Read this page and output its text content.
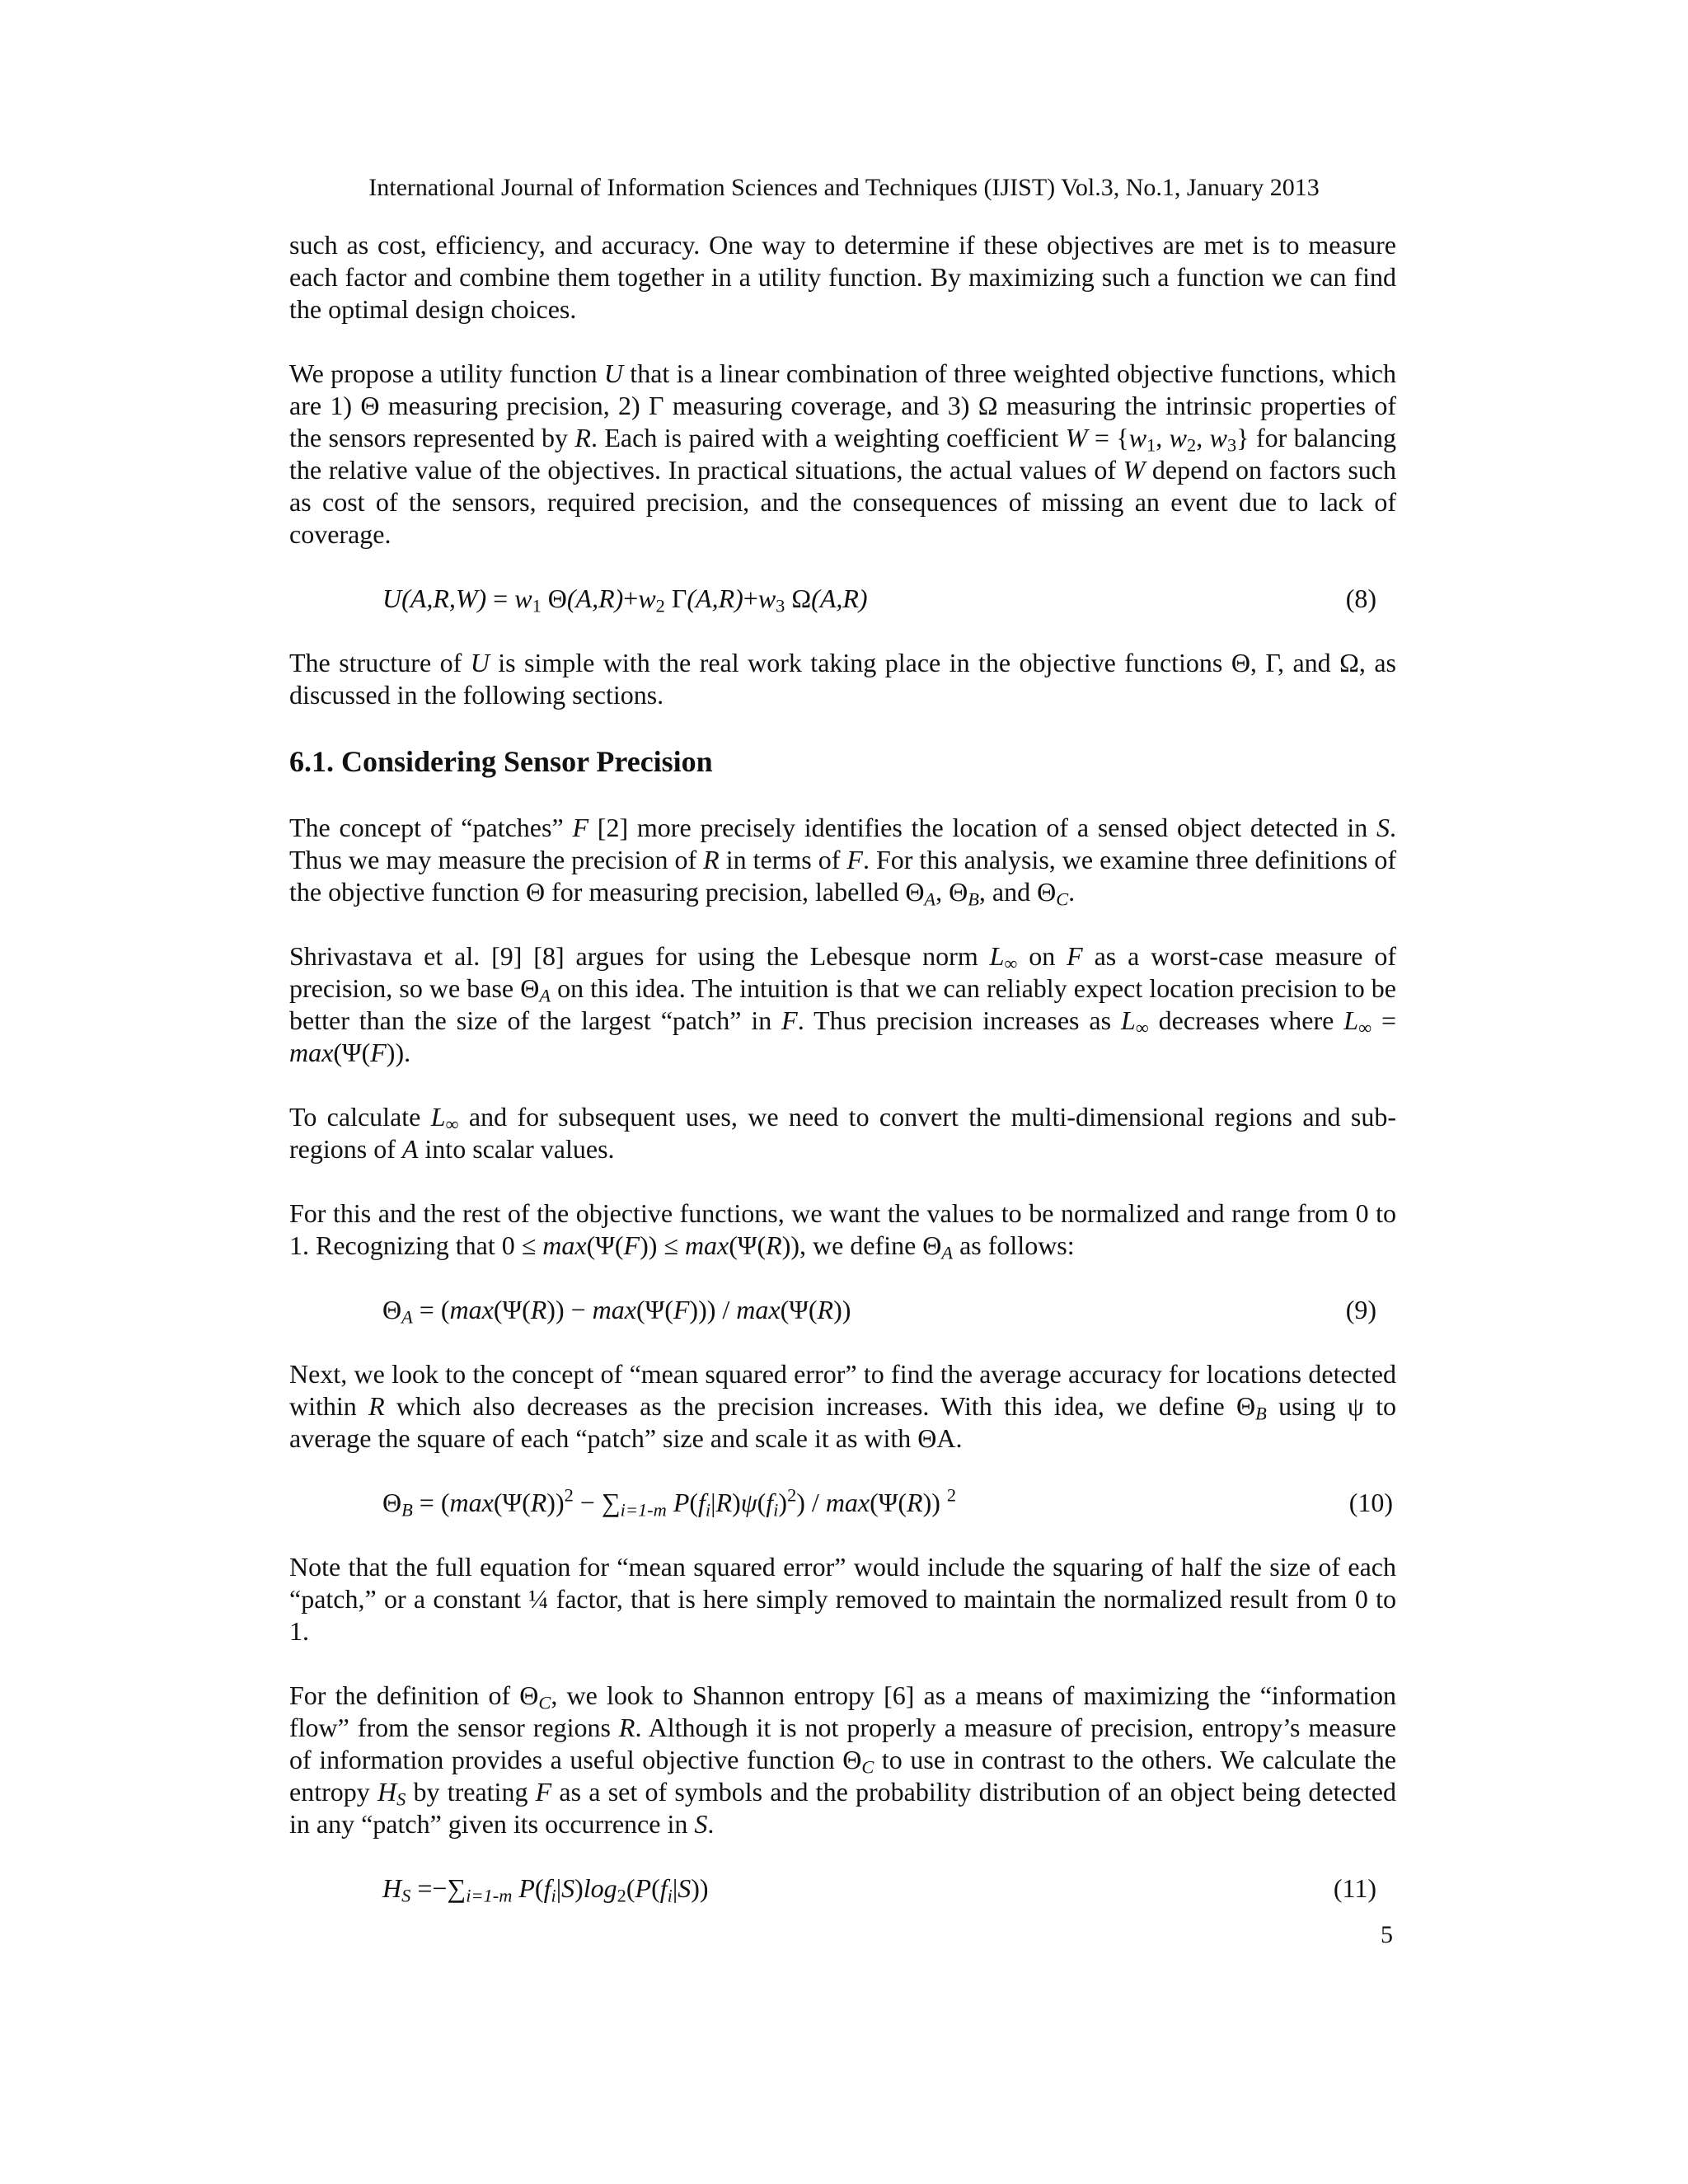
International Journal of Information Sciences and Techniques (IJIST) Vol.3, No.1, January 2013

such as cost, efficiency, and accuracy. One way to determine if these objectives are met is to measure each factor and combine them together in a utility function. By maximizing such a function we can find the optimal design choices.

We propose a utility function U that is a linear combination of three weighted objective functions, which are 1) Θ measuring precision, 2) Γ measuring coverage, and 3) Ω measuring the intrinsic properties of the sensors represented by R. Each is paired with a weighting coefficient $W = \{w_1$, $w_2$, $w_3$} for balancing the relative value of the objectives. In practical situations, the actual values of W depend on factors such as cost of the sensors, required precision, and the consequences of missing an event due to lack of coverage.

$U(A,R,W) = w_1$ $\Theta(A,R)+w_2$ $\Gamma(A,R)+w_3$ Ω(A,R)	(8)

The structure of U is simple with the real work taking place in the objective functions Θ, Γ, and Ω, as discussed in the following sections.

6.1. Considering Sensor Precision

The concept of “patches” F [2] more precisely identifies the location of a sensed object detected in S. Thus we may measure the precision of R in terms of F. For this analysis, we examine three definitions of the objective function Θ for measuring precision, labelled $\Theta_A$, $\Theta_B$, and $\Theta_C$.

Shrivastava et al. [9] [8] argues for using the Lebesque norm $L_\infty$ on F as a worst-case measure of precision, so we base $\Theta_A$ on this idea. The intuition is that we can reliably expect location precision to be better than the size of the largest “patch” in F. Thus precision increases as $L_\infty$ decreases where $L_\infty = \max(\Psi(F))$.

To calculate $L_\infty$ and for subsequent uses, we need to convert the multi-dimensional regions and sub-regions of A into scalar values.

For this and the rest of the objective functions, we want the values to be normalized and range from 0 to 1. Recognizing that 0 ≤ max(Ψ(F)) ≤ max(Ψ(R)), we define $\Theta_A$ as follows:

$\Theta_A = (\max(\Psi(R)) - \max(\Psi(F))) / \max(\Psi(R))$	(9)

Next, we look to the concept of “mean squared error” to find the average accuracy for locations detected within R which also decreases as the precision increases. With this idea, we define $\Theta_B$ using ψ to average the square of each “patch” size and scale it as with ΘA.

$\Theta_B = (\max(\Psi(R))^2 - \sum_{i=1-m}$ $P(f_i|R)\psi(f_i)^2) / \max(\Psi(R))$ $^2$	(10)

Note that the full equation for “mean squared error” would include the squaring of half the size of each “patch,” or a constant ¼ factor, that is here simply removed to maintain the normalized result from 0 to 1.

For the definition of $\Theta_C$, we look to Shannon entropy [6] as a means of maximizing the “information flow” from the sensor regions R. Although it is not properly a measure of precision, entropy’s measure of information provides a useful objective function $\Theta_C$ to use in contrast to the others. We calculate the entropy $H_S$ by treating F as a set of symbols and the probability distribution of an object being detected in any “patch” given its occurrence in S.

$H_S =-\sum_{i=1-m}$ $P(f_i|S)\log_2(P(f_i|S))$	(11)

5
